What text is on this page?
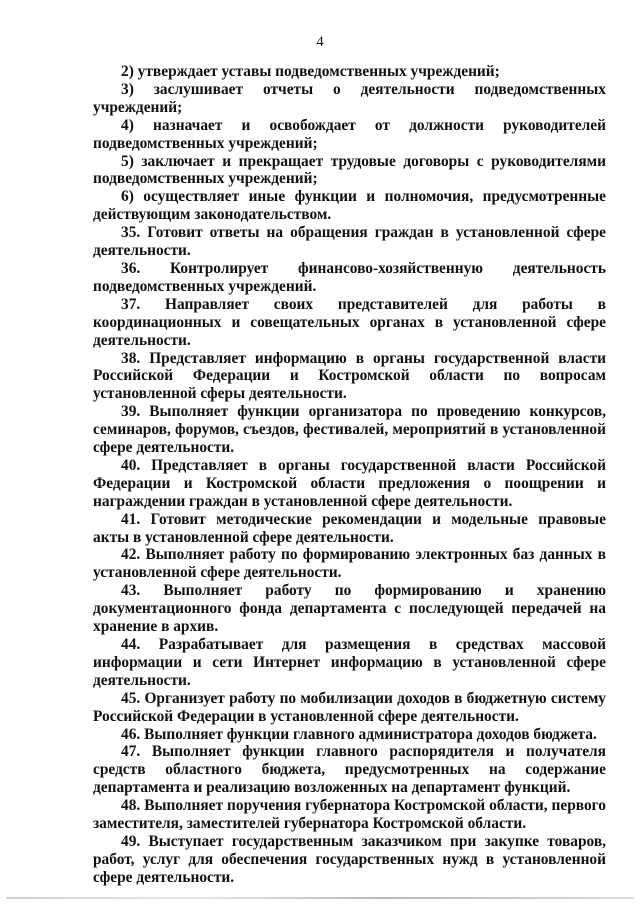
4

2) утверждает уставы подведомственных учреждений;

3) заслушивает отчеты о деятельности подведомственных учреждений;

4) назначает и освобождает от должности руководителей подведомственных учреждений;

5) заключает и прекращает трудовые договоры с руководителями подведомственных учреждений;

6) осуществляет иные функции и полномочия, предусмотренные действующим законодательством.

35. Готовит ответы на обращения граждан в установленной сфере деятельности.

36. Контролирует финансово-хозяйственную деятельность подведомственных учреждений.

37. Направляет своих представителей для работы в координационных и совещательных органах в установленной сфере деятельности.

38. Представляет информацию в органы государственной власти Российской Федерации и Костромской области по вопросам установленной сферы деятельности.

39. Выполняет функции организатора по проведению конкурсов, семинаров, форумов, съездов, фестивалей, мероприятий в установленной сфере деятельности.

40. Представляет в органы государственной власти Российской Федерации и Костромской области предложения о поощрении и награждении граждан в установленной сфере деятельности.

41. Готовит методические рекомендации и модельные правовые акты в установленной сфере деятельности.

42. Выполняет работу по формированию электронных баз данных в установленной сфере деятельности.

43. Выполняет работу по формированию и хранению документационного фонда департамента с последующей передачей на хранение в архив.

44. Разрабатывает для размещения в средствах массовой информации и сети Интернет информацию в установленной сфере деятельности.

45. Организует работу по мобилизации доходов в бюджетную систему Российской Федерации в установленной сфере деятельности.

46. Выполняет функции главного администратора доходов бюджета.

47. Выполняет функции главного распорядителя и получателя средств областного бюджета, предусмотренных на содержание департамента и реализацию возложенных на департамент функций.

48. Выполняет поручения губернатора Костромской области, первого заместителя, заместителей губернатора Костромской области.

49. Выступает государственным заказчиком при закупке товаров, работ, услуг для обеспечения государственных нужд в установленной сфере деятельности.
